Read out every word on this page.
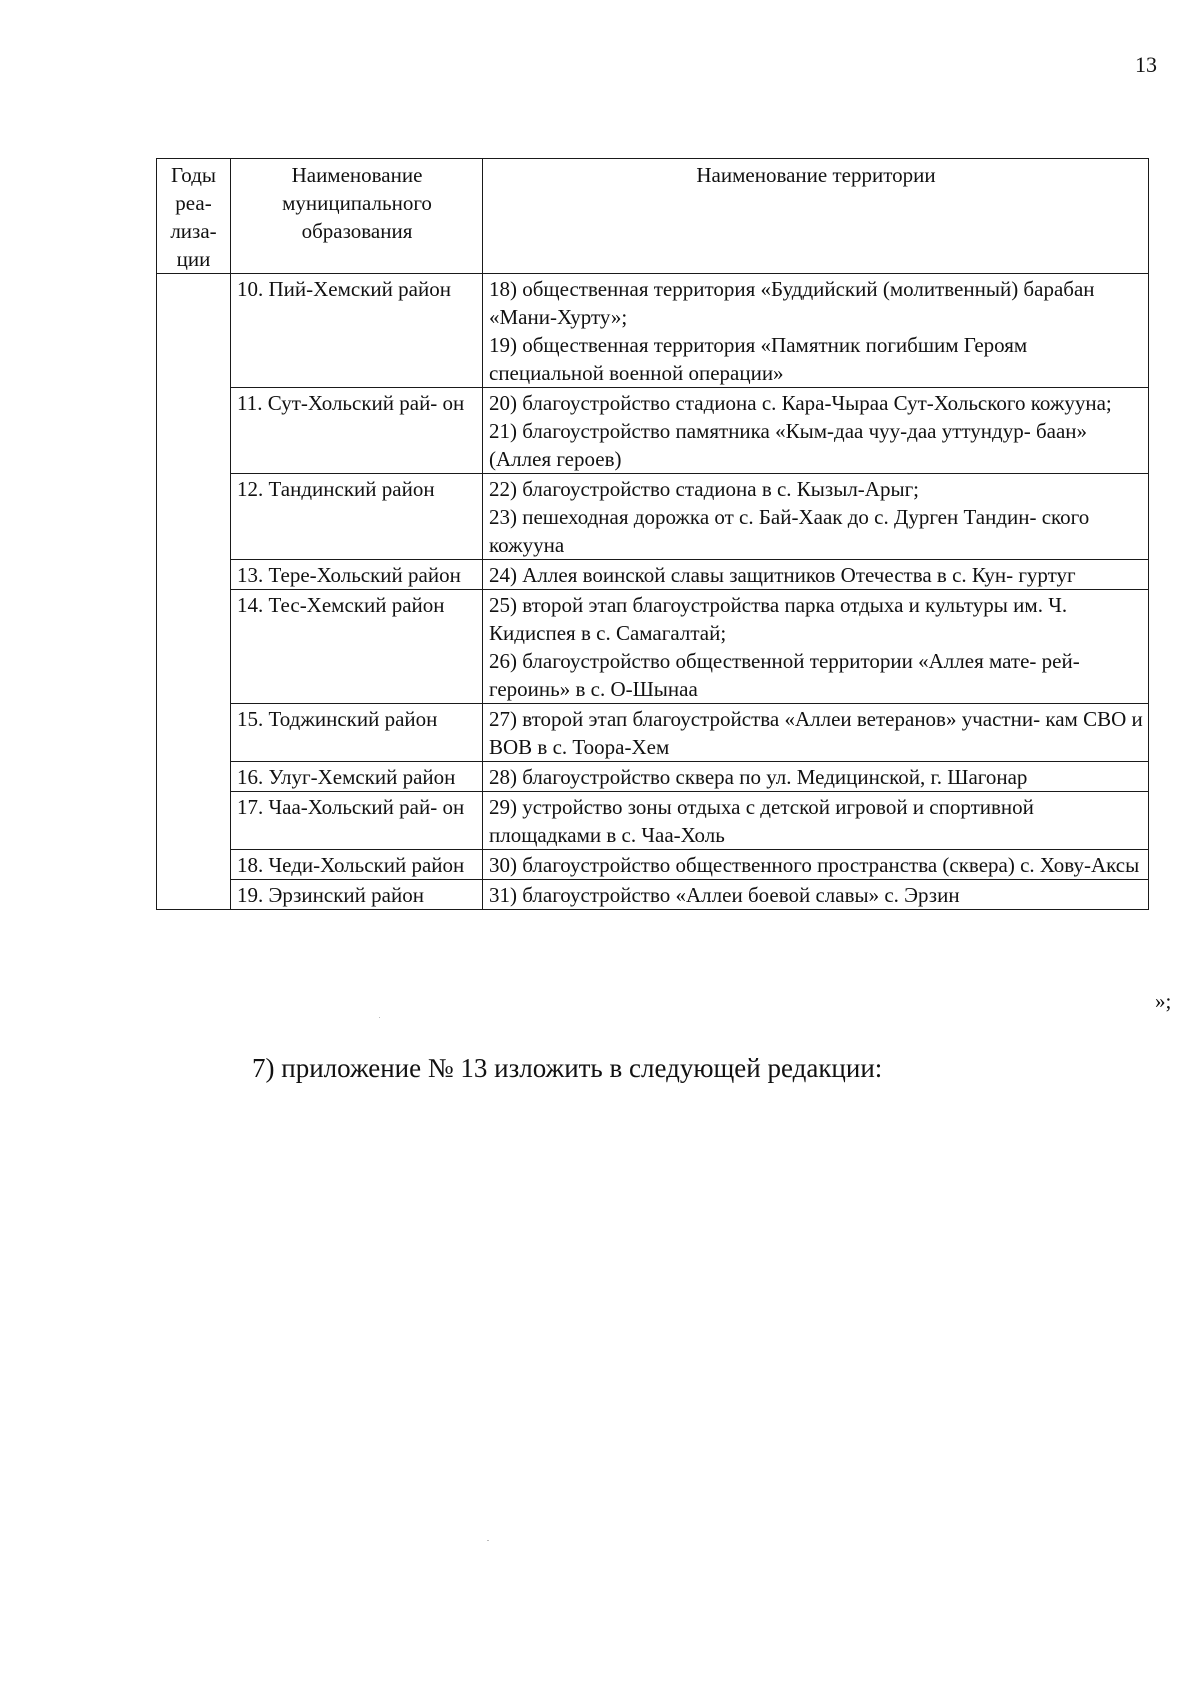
13
Годы реа- лиза- ции	Наименование муниципального образования	Наименование территории
	10. Пий-Хемский район	18) общественная территория «Буддийский (молитвенный) барабан «Мани-Хурту»;
19) общественная территория «Памятник погибшим Героям специальной военной операции»

	11. Сут-Хольский рай- он	20) благоустройство стадиона с. Кара-Чыраа Сут-Хольского кожууна;
21) благоустройство памятника «Кым-даа чуу-даа уттундур- баан» (Аллея героев)

	12. Тандинский район	22) благоустройство стадиона в с. Кызыл-Арыг;
23) пешеходная дорожка от с. Бай-Хаак до с. Дурген Тандин- ского кожууна

	13. Тере-Хольский район	24) Аллея воинской славы защитников Отечества в с. Кун- гуртуг

	14. Тес-Хемский район	25) второй этап благоустройства парка отдыха и культуры им. Ч. Кидиспея в с. Самагалтай;
26) благоустройство общественной территории «Аллея мате- рей-героинь» в с. О-Шынаа

	15. Тоджинский район	27) второй этап благоустройства «Аллеи ветеранов» участни- кам СВО и ВОВ в с. Тоора-Хем

	16. Улуг-Хемский район	28) благоустройство сквера по ул. Медицинской, г. Шагонар

	17. Чаа-Хольский рай- он	29) устройство зоны отдыха с детской игровой и спортивной площадками в с. Чаа-Холь

	18. Чеди-Хольский район	30) благоустройство общественного пространства (сквера) с. Хову-Аксы

	19. Эрзинский район	31) благоустройство «Аллеи боевой славы» с. Эрзин
»;
7) приложение № 13 изложить в следующей редакции:
